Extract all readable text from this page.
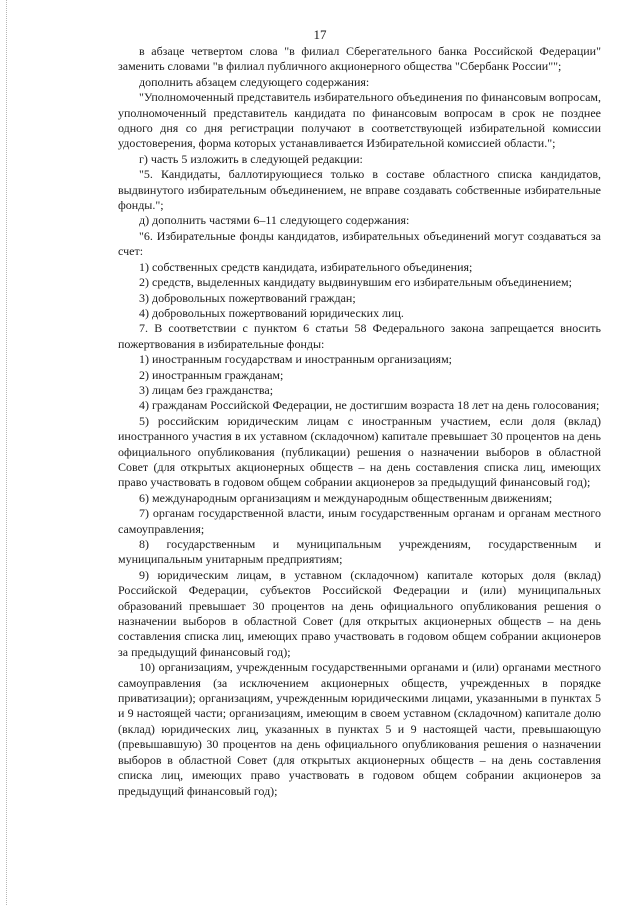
17

в абзаце четвертом слова "в филиал Сберегательного банка Российской Федерации" заменить словами "в филиал публичного акционерного общества "Сбербанк России"";

дополнить абзацем следующего содержания:

"Уполномоченный представитель избирательного объединения по финансовым вопросам, уполномоченный представитель кандидата по финансовым вопросам в срок не позднее одного дня со дня регистрации получают в соответствующей избирательной комиссии удостоверения, форма которых устанавливается Избирательной комиссией области.";

г) часть 5 изложить в следующей редакции:

"5. Кандидаты, баллотирующиеся только в составе областного списка кандидатов, выдвинутого избирательным объединением, не вправе создавать собственные избирательные фонды.";

д) дополнить частями 6–11 следующего содержания:

"6. Избирательные фонды кандидатов, избирательных объединений могут создаваться за счет:

1) собственных средств кандидата, избирательного объединения;

2) средств, выделенных кандидату выдвинувшим его избирательным объединением;

3) добровольных пожертвований граждан;

4) добровольных пожертвований юридических лиц.

7. В соответствии с пунктом 6 статьи 58 Федерального закона запрещается вносить пожертвования в избирательные фонды:

1) иностранным государствам и иностранным организациям;

2) иностранным гражданам;

3) лицам без гражданства;

4) гражданам Российской Федерации, не достигшим возраста 18 лет на день голосования;

5) российским юридическим лицам с иностранным участием, если доля (вклад) иностранного участия в их уставном (складочном) капитале превышает 30 процентов на день официального опубликования (публикации) решения о назначении выборов в областной Совет (для открытых акционерных обществ – на день составления списка лиц, имеющих право участвовать в годовом общем собрании акционеров за предыдущий финансовый год);

6) международным организациям и международным общественным движениям;

7) органам государственной власти, иным государственным органам и органам местного самоуправления;

8) государственным и муниципальным учреждениям, государственным и муниципальным унитарным предприятиям;

9) юридическим лицам, в уставном (складочном) капитале которых доля (вклад) Российской Федерации, субъектов Российской Федерации и (или) муниципальных образований превышает 30 процентов на день официального опубликования решения о назначении выборов в областной Совет (для открытых акционерных обществ – на день составления списка лиц, имеющих право участвовать в годовом общем собрании акционеров за предыдущий финансовый год);

10) организациям, учрежденным государственными органами и (или) органами местного самоуправления (за исключением акционерных обществ, учрежденных в порядке приватизации); организациям, учрежденным юридическими лицами, указанными в пунктах 5 и 9 настоящей части; организациям, имеющим в своем уставном (складочном) капитале долю (вклад) юридических лиц, указанных в пунктах 5 и 9 настоящей части, превышающую (превышавшую) 30 процентов на день официального опубликования решения о назначении выборов в областной Совет (для открытых акционерных обществ – на день составления списка лиц, имеющих право участвовать в годовом общем собрании акционеров за предыдущий финансовый год);
